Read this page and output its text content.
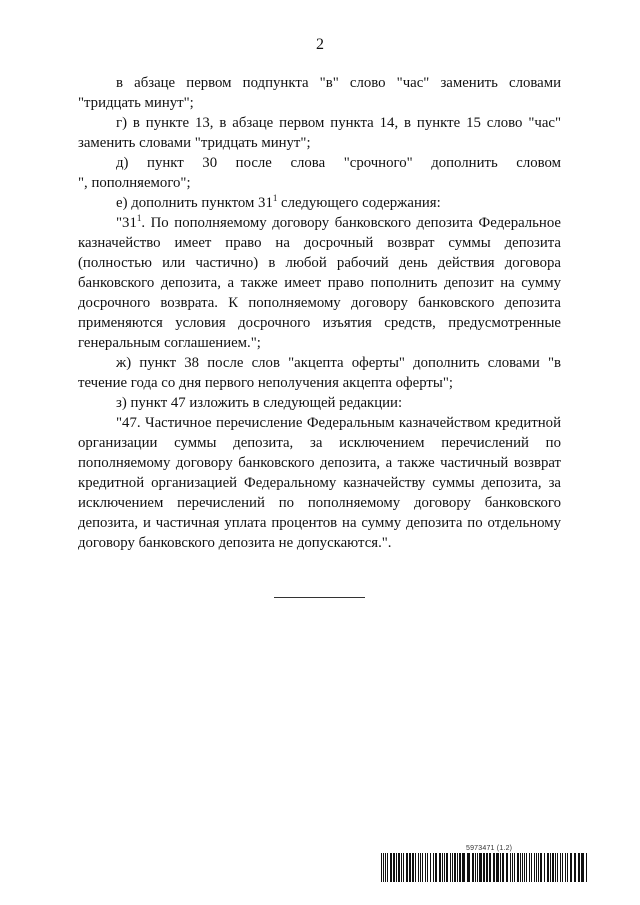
2

в абзаце первом подпункта "в" слово "час" заменить словами "тридцать минут";

г) в пункте 13, в абзаце первом пункта 14, в пункте 15 слово "час" заменить словами "тридцать минут";

д) пункт 30 после слова "срочного" дополнить словом

", пополняемого";

е) дополнить пунктом $31^1$ следующего содержания:

"$31^1$. По пополняемому договору банковского депозита Федеральное казначейство имеет право на досрочный возврат суммы депозита (полностью или частично) в любой рабочий день действия договора банковского депозита, а также имеет право пополнить депозит на сумму досрочного возврата. К пополняемому договору банковского депозита применяются условия досрочного изъятия средств, предусмотренные генеральным соглашением.";

ж) пункт 38 после слов "акцепта оферты" дополнить словами "в течение года со дня первого неполучения акцепта оферты";

з) пункт 47 изложить в следующей редакции:

"47. Частичное перечисление Федеральным казначейством кредитной организации суммы депозита, за исключением перечислений по пополняемому договору банковского депозита, а также частичный возврат кредитной организацией Федеральному казначейству суммы депозита, за исключением перечислений по пополняемому договору банковского депозита, и частичная уплата процентов на сумму депозита по отдельному договору банковского депозита не допускаются.".

5973471 (1.2)
